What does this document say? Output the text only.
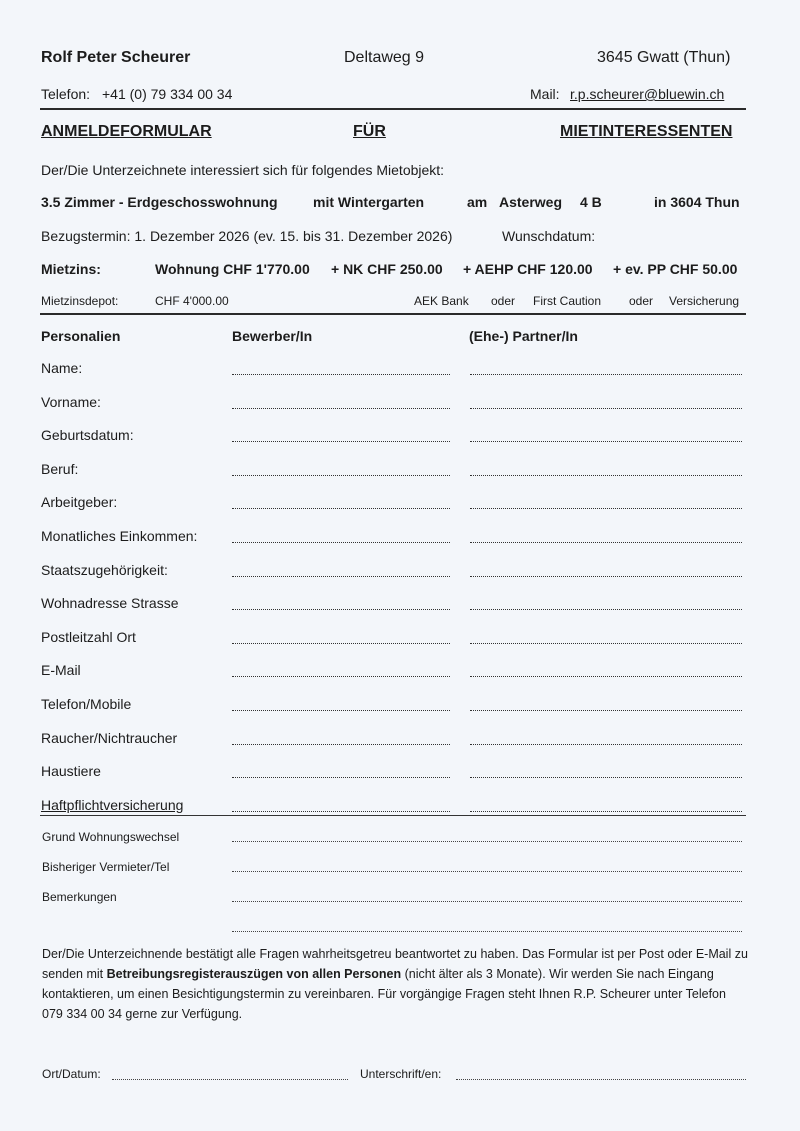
Rolf Peter Scheurer	Deltaweg 9	3645 Gwatt (Thun)
Telefon: +41 (0) 79 334 00 34	Mail: r.p.scheurer@bluewin.ch
ANMELDEFORMULAR	FÜR	MIETINTERESSENTEN
Der/Die Unterzeichnete interessiert sich für folgendes Mietobjekt:
3.5 Zimmer - Erdgeschosswohnung	mit Wintergarten	am Asterweg 4 B	in 3604 Thun
Bezugstermin: 1. Dezember 2026 (ev. 15. bis 31. Dezember 2026)	Wunschdatum:
Mietzins:	Wohnung CHF 1'770.00 + NK CHF 250.00 + AEHP CHF 120.00 + ev. PP CHF 50.00
Mietzinsdepot:	CHF 4'000.00	AEK Bank oder First Caution oder Versicherung
Personalien	Bewerber/In	(Ehe-) Partner/In
Name:
Vorname:
Geburtsdatum:
Beruf:
Arbeitgeber:
Monatliches Einkommen:
Staatszugehörigkeit:
Wohnadresse Strasse
Postleitzahl Ort
E-Mail
Telefon/Mobile
Raucher/Nichtraucher
Haustiere
Haftpflichtversicherung
Grund Wohnungswechsel
Bisheriger Vermieter/Tel
Bemerkungen
Der/Die Unterzeichnende bestätigt alle Fragen wahrheitsgetreu beantwortet zu haben. Das Formular ist per Post oder E-Mail zu senden mit Betreibungsregisterauszügen von allen Personen (nicht älter als 3 Monate). Wir werden Sie nach Eingang kontaktieren, um einen Besichtigungstermin zu vereinbaren. Für vorgängige Fragen steht Ihnen R.P. Scheurer unter Telefon 079 334 00 34 gerne zur Verfügung.
Ort/Datum:	Unterschrift/en:
